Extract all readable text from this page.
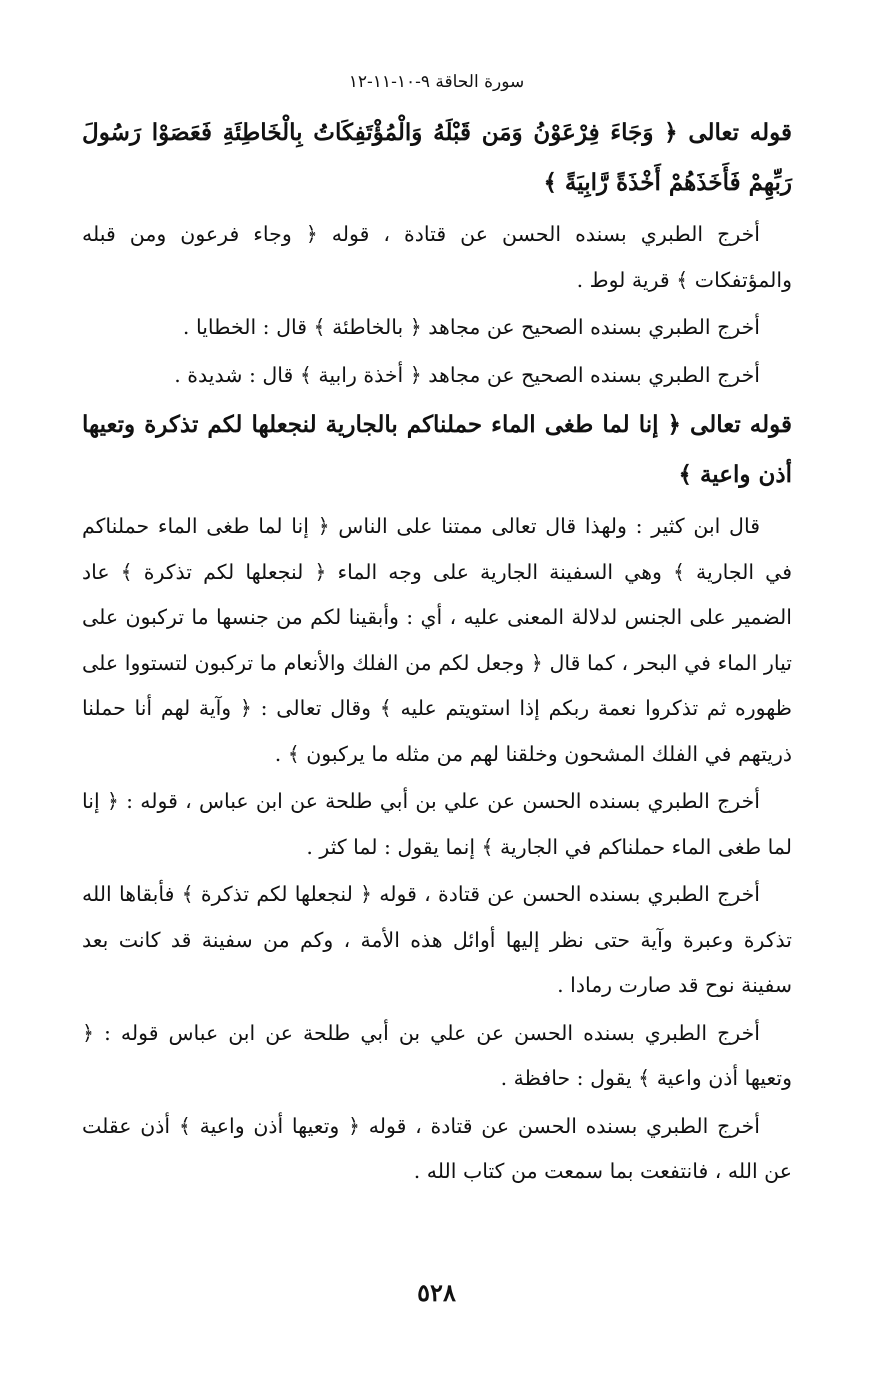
سورة الحاقة ٩-١٠-١١-١٢
قوله تعالى ﴿ وَجَاءَ فِرْعَوْنُ وَمَن قَبْلَهُ وَالْمُؤْتَفِكَاتُ بِالْخَاطِئَةِ فَعَصَوْا رَسُولَ رَبِّهِمْ فَأَخَذَهُمْ أَخْذَةً رَّابِيَةً ﴾
أخرج الطبري بسنده الحسن عن قتادة ، قوله ﴿ وجاء فرعون ومن قبله والمؤتفكات ﴾ قرية لوط .
أخرج الطبري بسنده الصحيح عن مجاهد ﴿ بالخاطئة ﴾ قال : الخطايا .
أخرج الطبري بسنده الصحيح عن مجاهد ﴿ أخذة رابية ﴾ قال : شديدة .
قوله تعالى ﴿ إنا لما طغى الماء حملناكم بالجارية لنجعلها لكم تذكرة وتعيها أذن واعية ﴾
قال ابن كثير : ولهذا قال تعالى ممتنا على الناس ﴿ إنا لما طغى الماء حملناكم في الجارية ﴾ وهي السفينة الجارية على وجه الماء ﴿ لنجعلها لكم تذكرة ﴾ عاد الضمير على الجنس لدلالة المعنى عليه ، أي : وأبقينا لكم من جنسها ما تركبون على تيار الماء في البحر ، كما قال ﴿ وجعل لكم من الفلك والأنعام ما تركبون لتستووا على ظهوره ثم تذكروا نعمة ربكم إذا استويتم عليه ﴾ وقال تعالى : ﴿ وآية لهم أنا حملنا ذريتهم في الفلك المشحون وخلقنا لهم من مثله ما يركبون ﴾ .
أخرج الطبري بسنده الحسن عن علي بن أبي طلحة عن ابن عباس ، قوله : ﴿ إنا لما طغى الماء حملناكم في الجارية ﴾ إنما يقول : لما كثر .
أخرج الطبري بسنده الحسن عن قتادة ، قوله ﴿ لنجعلها لكم تذكرة ﴾ فأبقاها الله تذكرة وعبرة وآية حتى نظر إليها أوائل هذه الأمة ، وكم من سفينة قد كانت بعد سفينة نوح قد صارت رمادا .
أخرج الطبري بسنده الحسن عن علي بن أبي طلحة عن ابن عباس قوله : ﴿ وتعيها أذن واعية ﴾ يقول : حافظة .
أخرج الطبري بسنده الحسن عن قتادة ، قوله ﴿ وتعيها أذن واعية ﴾ أذن عقلت عن الله ، فانتفعت بما سمعت من كتاب الله .
٥٢٨
